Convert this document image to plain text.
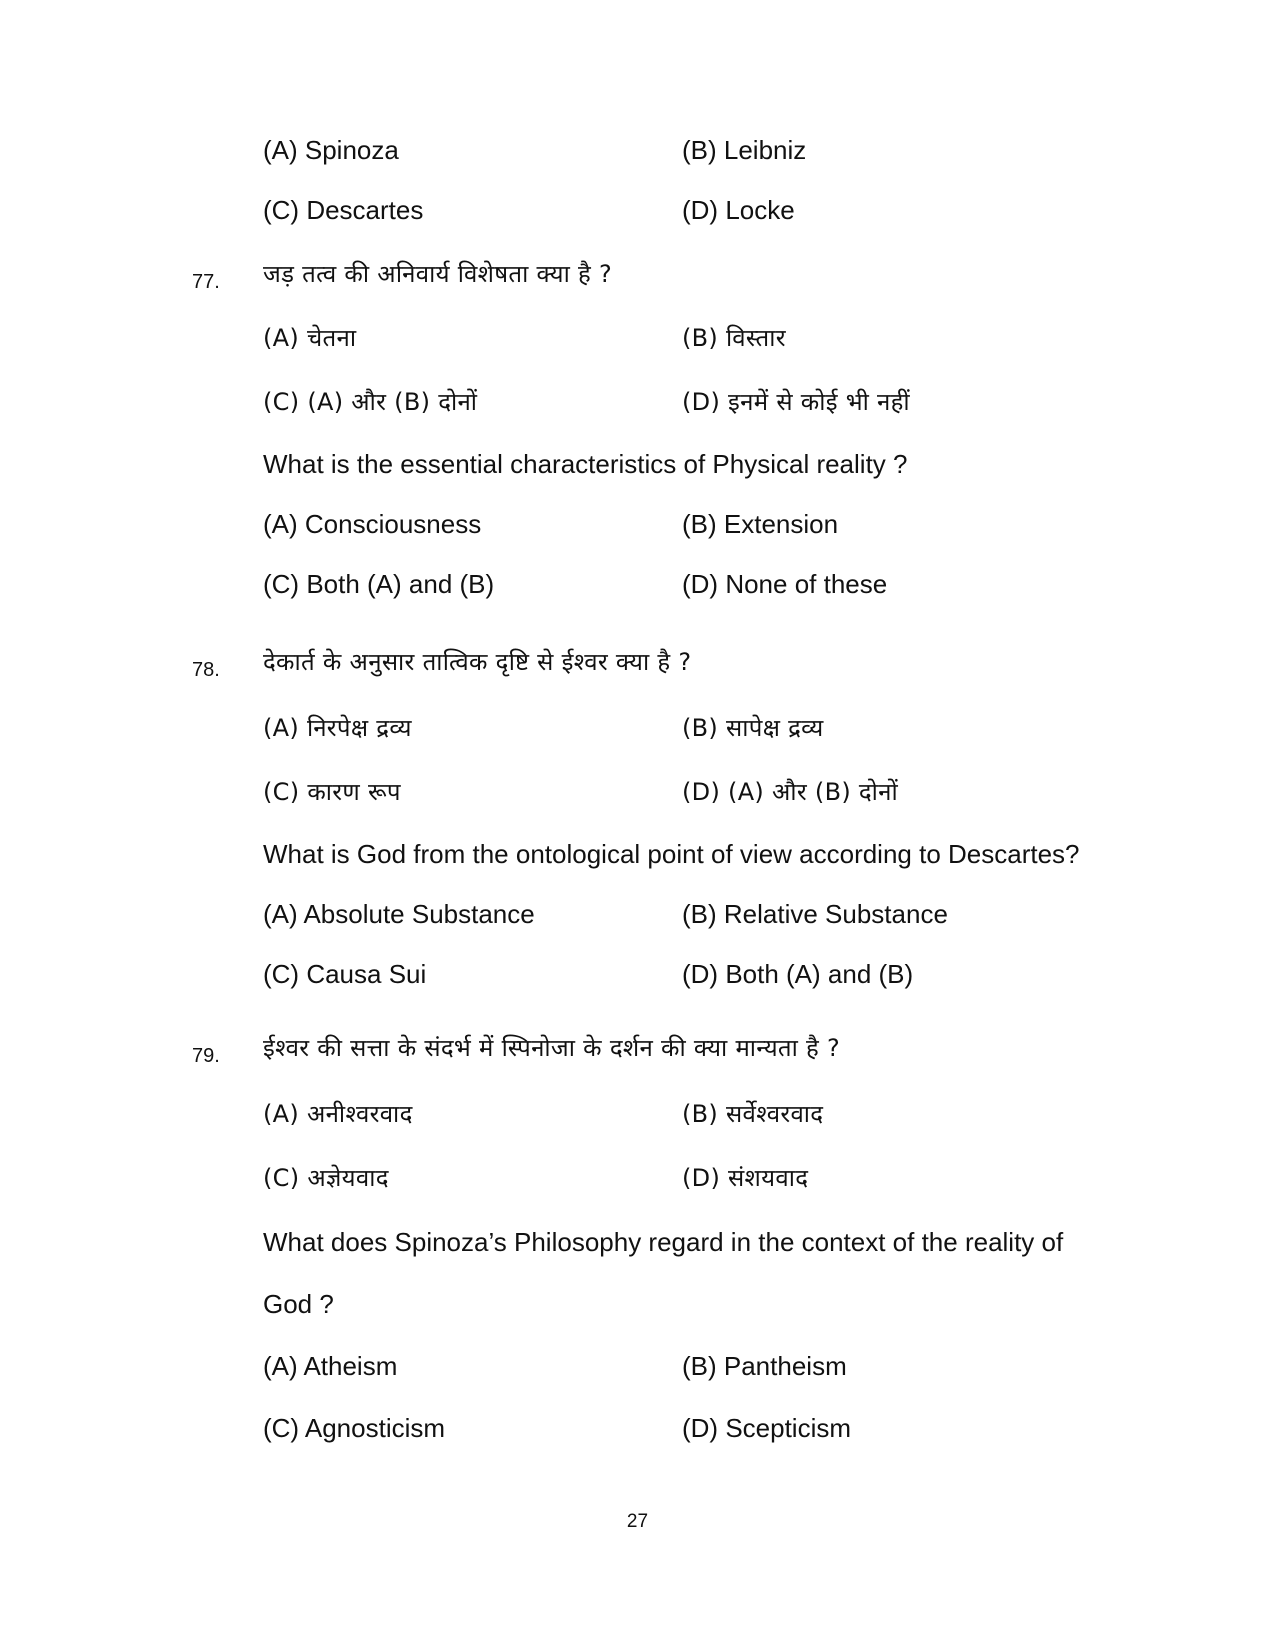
(A) Spinoza	(B) Leibniz
(C) Descartes	(D) Locke
77. जड़ तत्व की अनिवार्य विशेषता क्या है ?
(A) चेतना	(B) विस्तार
(C) (A) और (B) दोनों	(D) इनमें से कोई भी नहीं
What is the essential characteristics of Physical reality ?
(A) Consciousness	(B) Extension
(C) Both (A) and (B)	(D) None of these
78. देकार्त के अनुसार तात्विक दृष्टि से ईश्वर क्या है ?
(A) निरपेक्ष द्रव्य	(B) सापेक्ष द्रव्य
(C) कारण रूप	(D) (A) और (B) दोनों
What is God from the ontological point of view according to Descartes?
(A) Absolute Substance	(B) Relative Substance
(C) Causa Sui	(D) Both (A) and (B)
79. ईश्वर की सत्ता के संदर्भ में स्पिनोजा के दर्शन की क्या मान्यता है ?
(A) अनीश्वरवाद	(B) सर्वेश्वरवाद
(C) अज्ञेयवाद	(D) संशयवाद
What does Spinoza’s Philosophy regard in the context of the reality of
God ?
(A) Atheism	(B) Pantheism
(C) Agnosticism	(D) Scepticism
27
